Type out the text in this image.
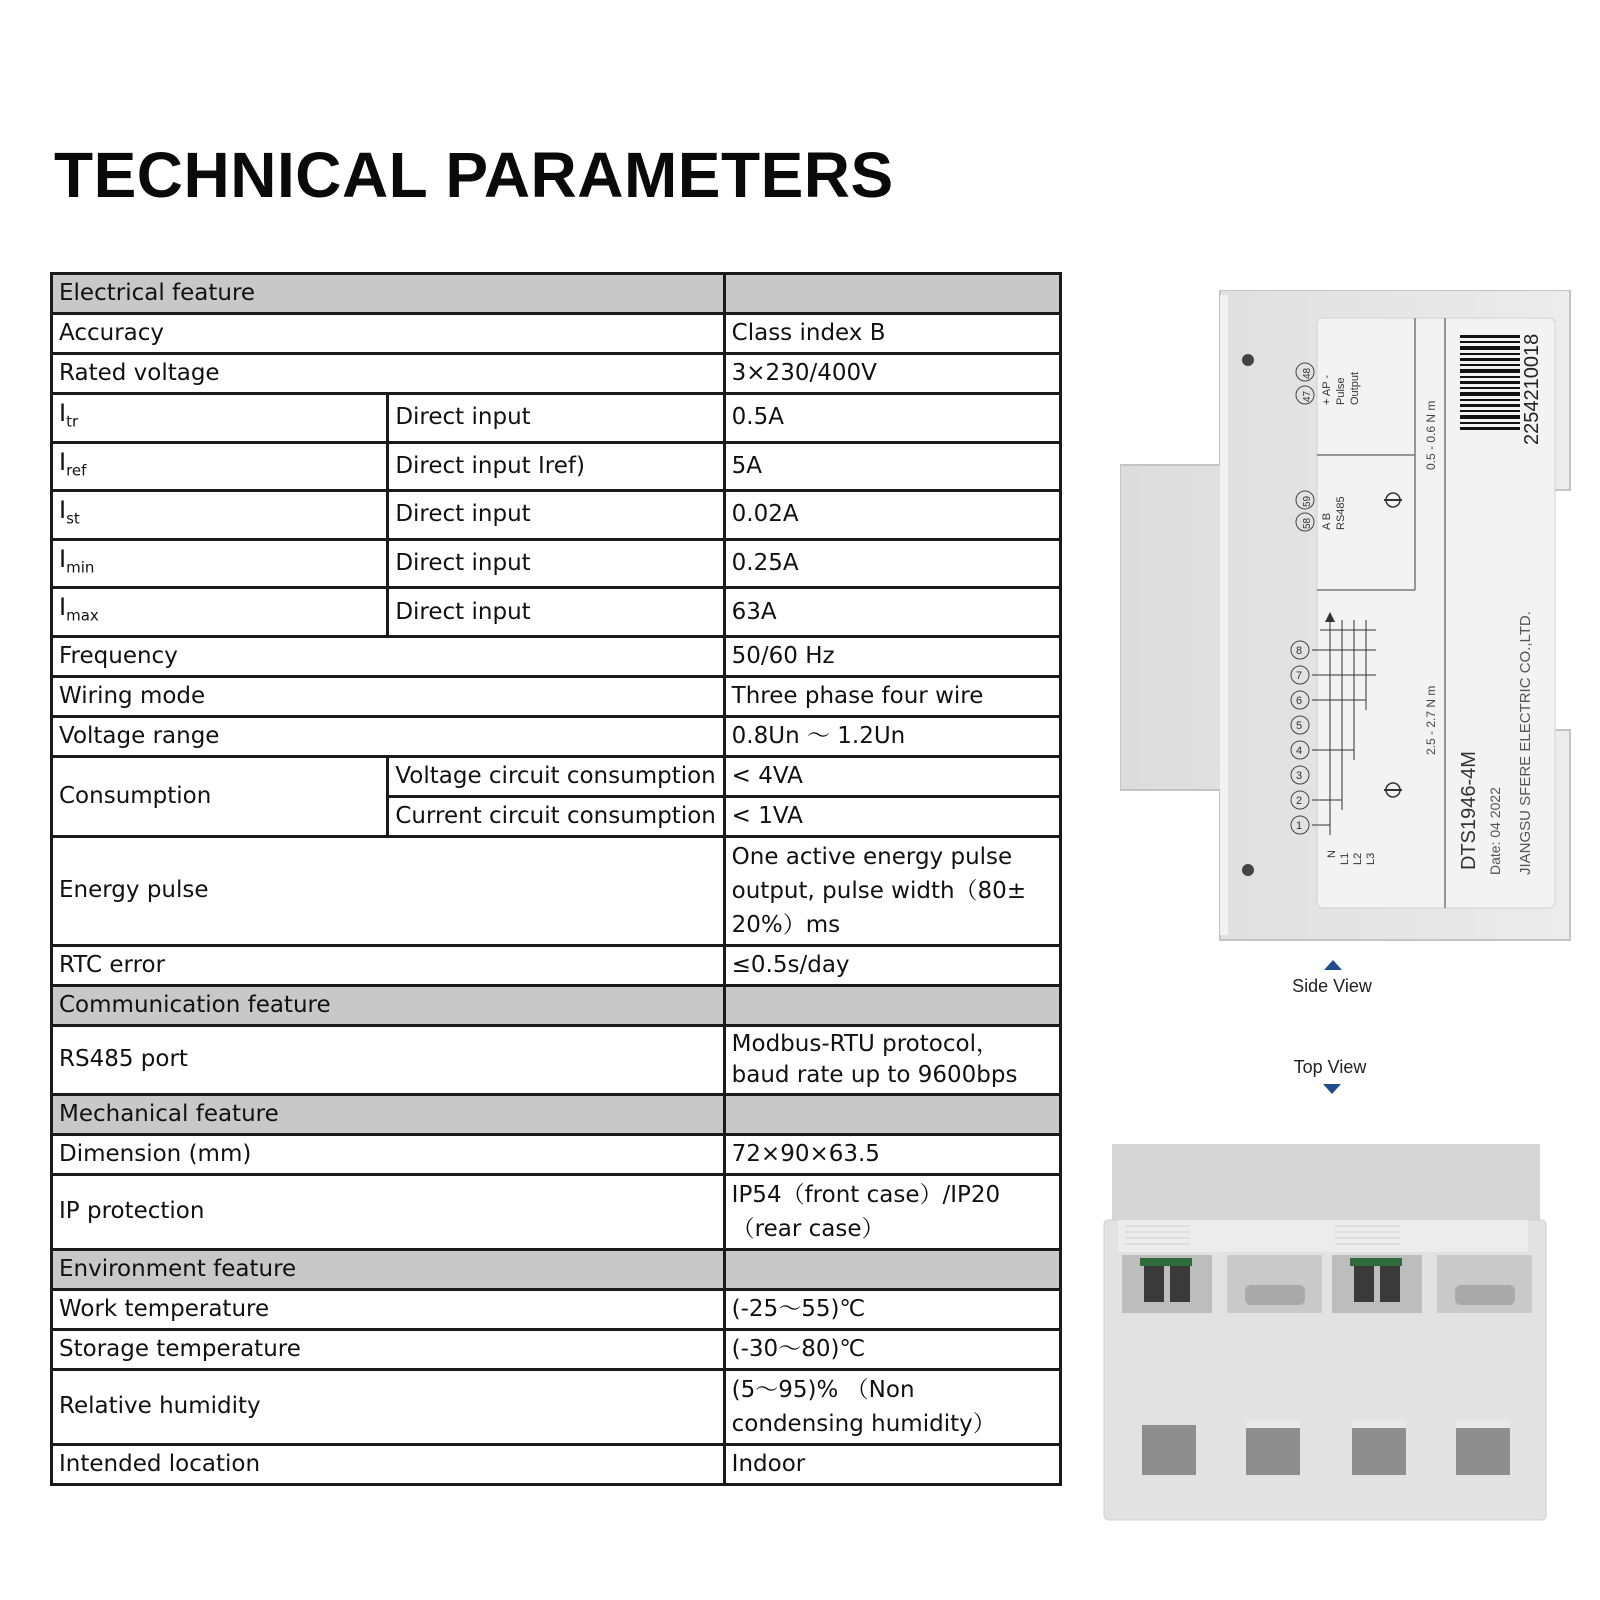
TECHNICAL PARAMETERS
Electrical feature		
Accuracy		Class index B
Rated voltage		3×230/400V
$I_{tr}$	Direct input	0.5A
$I_{ref}$	Direct input Iref)	5A
$I_{st}$	Direct input	0.02A
$I_{min}$	Direct input	0.25A
$I_{max}$	Direct input	63A
Frequency		50/60 Hz
Wiring mode		Three phase four wire
Voltage range		0.8Un ～ 1.2Un
Consumption	Voltage circuit consumption	< 4VA
	Current circuit consumption	< 1VA
Energy pulse		One active energy pulse output, pulse width（80± 20%）ms
RTC error		≤0.5s/day
Communication feature		
RS485 port		Modbus-RTU protocol，baud rate up to 9600bps
Mechanical feature		
Dimension (mm)		72×90×63.5
IP protection		IP54（front case）/IP20 （rear case）
Environment feature		
Work temperature		(-25～55)℃
Storage temperature		(-30～80)℃
Relative humidity		(5～95)% （Non condensing humidity）
Intended location		Indoor
2254210018
DTS1946-4M Date: 04 2022 JIANGSU SFERE ELECTRIC CO.,LTD.
0.5 - 0.6 N m
2.5 - 2.7 N m
47
48
+ AP - Pulse Output
58
59
A B RS485
1
2
3
4
5
6
7
8
N L1 L2 L3
Side View
Top View
